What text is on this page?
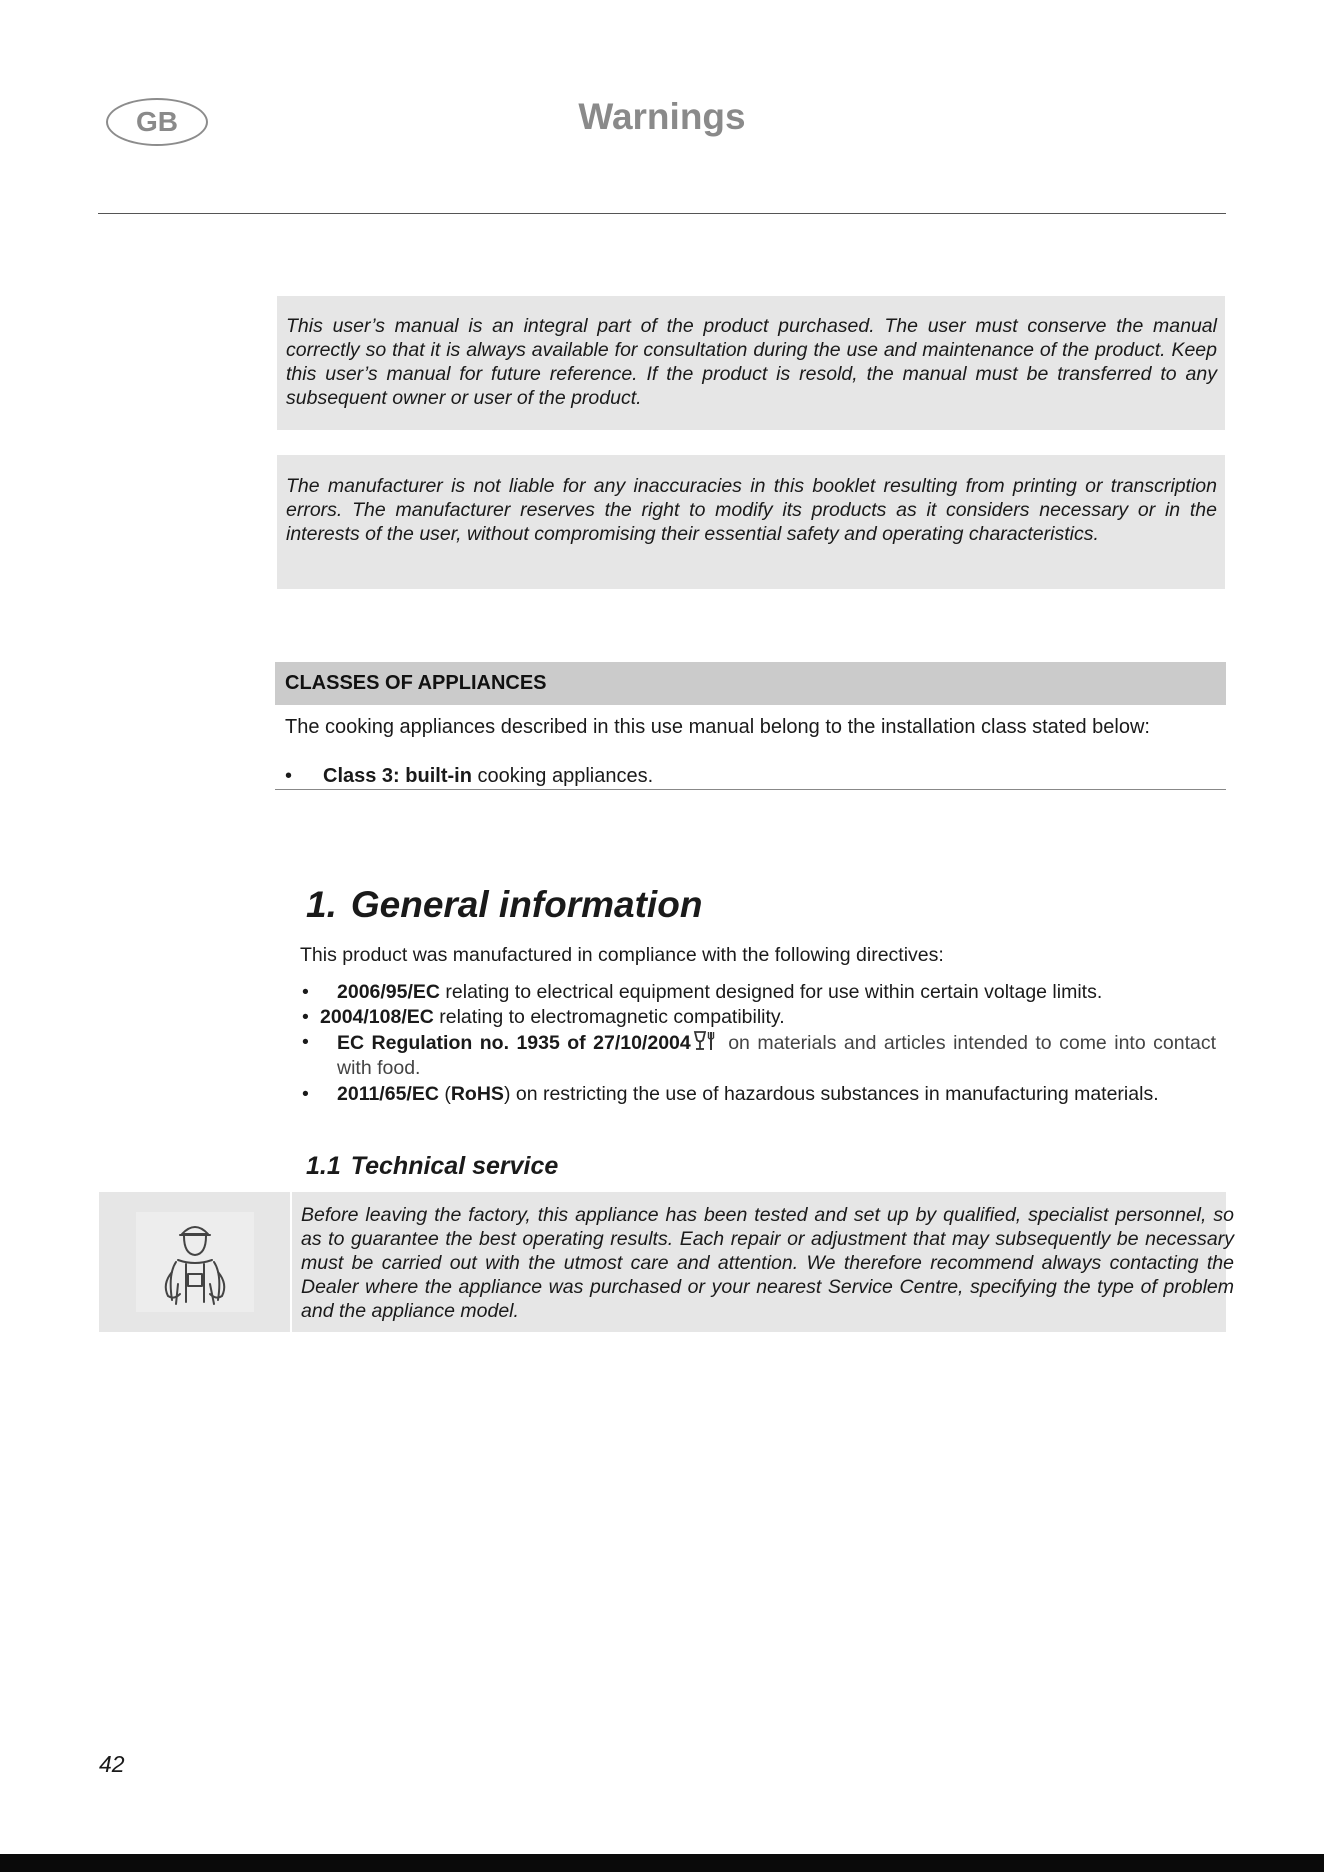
GB	Warnings
This user’s manual is an integral part of the product purchased. The user must conserve the manual correctly so that it is always available for consultation during the use and maintenance of the product. Keep this user’s manual for future reference. If the product is resold, the manual must be transferred to any subsequent owner or user of the product.
The manufacturer is not liable for any inaccuracies in this booklet resulting from printing or transcription errors. The manufacturer reserves the right to modify its products as it considers necessary or in the interests of the user, without compromising their essential safety and operating characteristics.
CLASSES OF APPLIANCES
The cooking appliances described in this use manual belong to the installation class stated below:
• Class 3: built-in cooking appliances.
1. General information
This product was manufactured in compliance with the following directives:
• 2006/95/EC relating to electrical equipment designed for use within certain voltage limits.
• 2004/108/EC relating to electromagnetic compatibility.
• EC Regulation no. 1935 of 27/10/2004 on materials and articles intended to come into contact with food.
• 2011/65/EC (RoHS) on restricting the use of hazardous substances in manufacturing materials.
1.1 Technical service
Before leaving the factory, this appliance has been tested and set up by qualified, specialist personnel, so as to guarantee the best operating results. Each repair or adjustment that may subsequently be necessary must be carried out with the utmost care and attention. We therefore recommend always contacting the Dealer where the appliance was purchased or your nearest Service Centre, specifying the type of problem and the appliance model.
42
